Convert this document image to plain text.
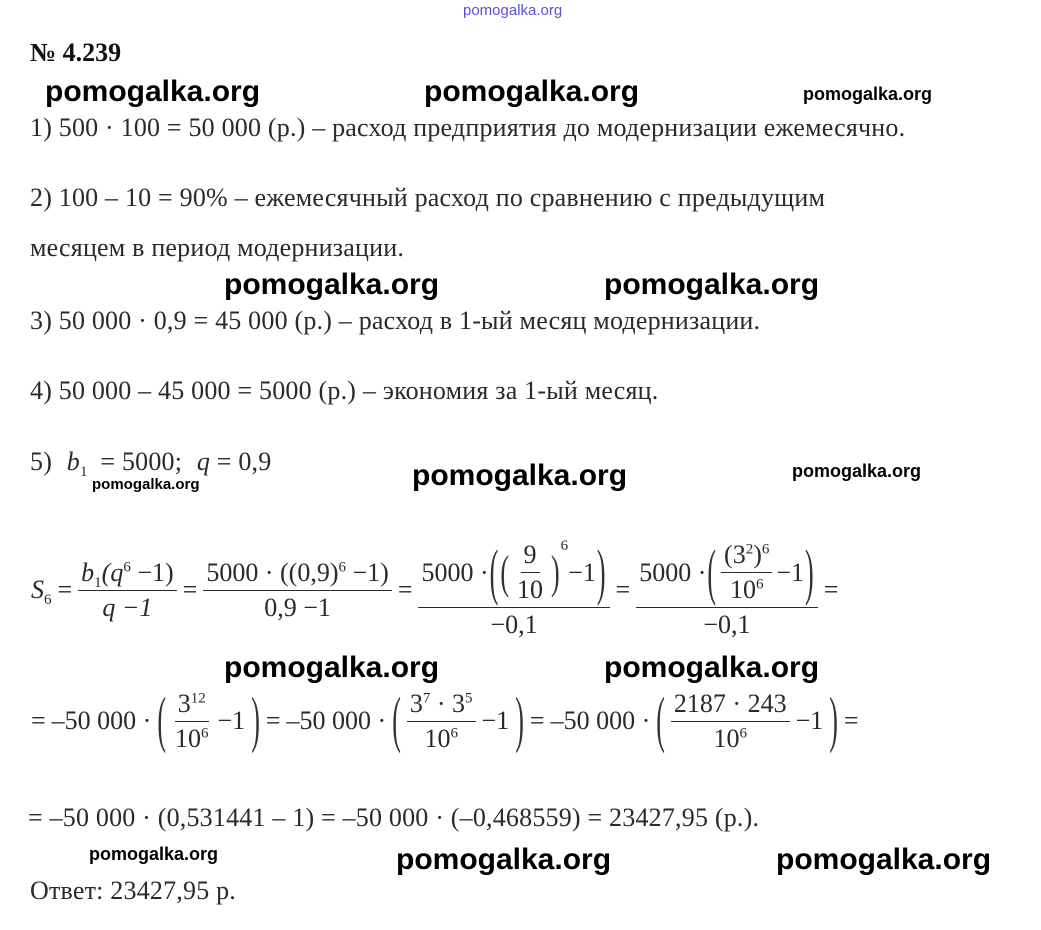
pomogalka.org
№ 4.239
pomogalka.org	pomogalka.org	pomogalka.org
1) 500 · 100 = 50 000 (р.) – расход предприятия до модернизации ежемесячно.
2) 100 – 10 = 90% – ежемесячный расход по сравнению с предыдущим
месяцем в период модернизации.
pomogalka.org	pomogalka.org
3) 50 000 · 0,9 = 45 000 (р.) – расход в 1-ый месяц модернизации.
4) 50 000 – 45 000 = 5000 (р.) – экономия за 1-ый месяц.
5) $b_1 = 5000$; q = 0,9
pomogalka.org	pomogalka.org	pomogalka.org
$S_6 = \frac{b_1(q^6 -1)}{q -1} = \frac{5000 \cdot ((0,9)^6 -1)}{0,9 -1}$ =
5000 · ( ( $\frac{9}{10}$ ) 6
−1 )
−0,1
=
5000 · ( $\frac{(3^2)^6}{10^6} -1$ )
−0,1
=
pomogalka.org	pomogalka.org
= –50 000 · ( $\frac{3^{12}}{10^6} -1$ ) = –50 000 · ( $\frac{3^7 \cdot 3^5}{10^6} -1$ ) = –50 000 · ( $\frac{2187 \cdot 243}{10^6} -1$ ) =
= –50 000 · (0,531441 – 1) = –50 000 · (–0,468559) = 23427,95 (р.).
pomogalka.org	pomogalka.org	pomogalka.org
Ответ: 23427,95 р.
